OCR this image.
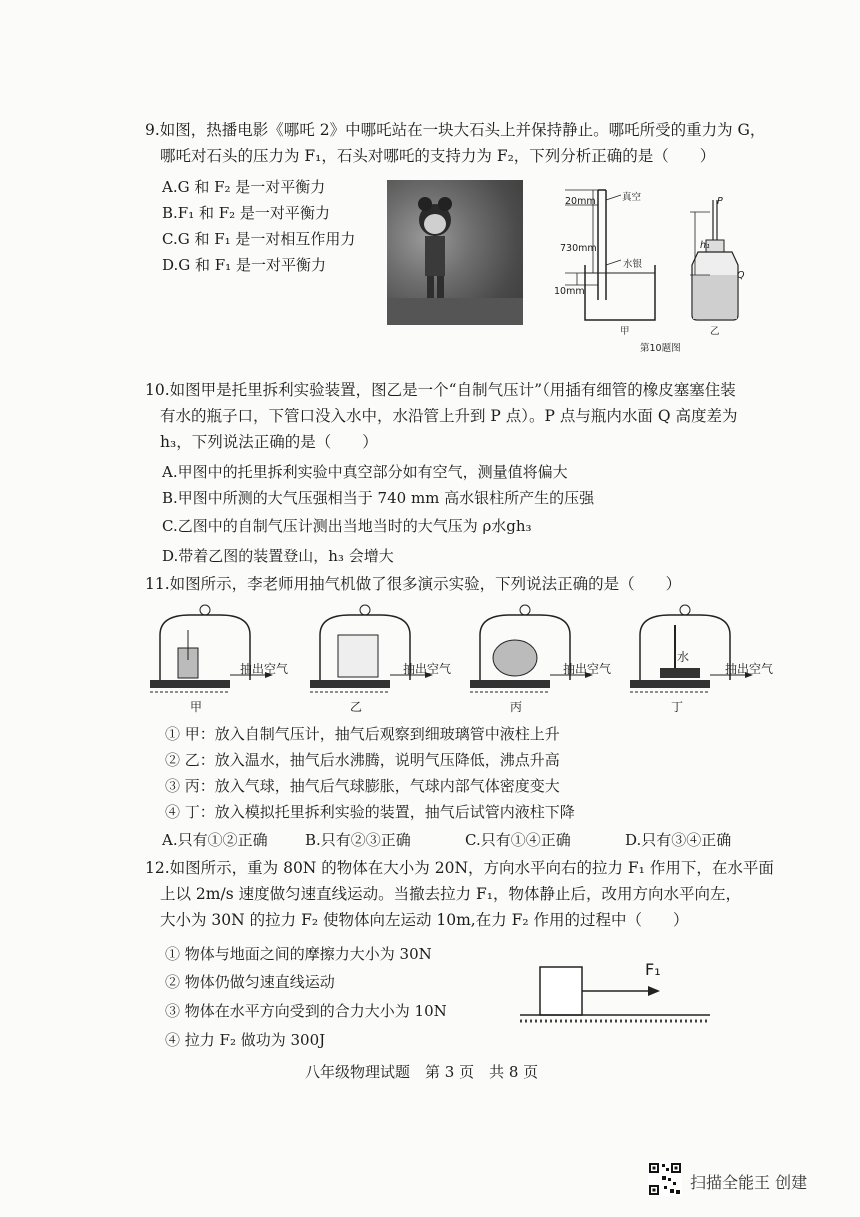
9.如图，热播电影《哪吒 2》中哪吒站在一块大石头上并保持静止。哪吒所受的重力为 G，
哪吒对石头的压力为 F₁，石头对哪吒的支持力为 F₂，下列分析正确的是（　　）
A.G 和 F₂ 是一对平衡力
B.F₁ 和 F₂ 是一对平衡力
C.G 和 F₁ 是一对相互作用力
D.G 和 F₁ 是一对平衡力
20mm	真空
730mm
水银
10mm
甲
P
Q
h₁
乙
第10题图
10.如图甲是托里拆利实验装置，图乙是一个“自制气压计”（用插有细管的橡皮塞塞住装
有水的瓶子口，下管口没入水中，水沿管上升到 P 点）。P 点与瓶内水面 Q 高度差为
h₃，下列说法正确的是（　　）
A.甲图中的托里拆利实验中真空部分如有空气，测量值将偏大
B.甲图中所测的大气压强相当于 740 mm 高水银柱所产生的压强
C.乙图中的自制气压计测出当地当时的大气压为 ρ水gh₃
D.带着乙图的装置登山，h₃ 会增大
11.如图所示，李老师用抽气机做了很多演示实验，下列说法正确的是（　　）
抽出空气	抽出空气	抽出空气
水
抽出空气
甲	乙	丙	丁
① 甲：放入自制气压计，抽气后观察到细玻璃管中液柱上升
② 乙：放入温水，抽气后水沸腾，说明气压降低，沸点升高
③ 丙：放入气球，抽气后气球膨胀，气球内部气体密度变大
④ 丁：放入模拟托里拆利实验的装置，抽气后试管内液柱下降
A.只有①②正确 B.只有②③正确	C.只有①④正确	D.只有③④正确
12.如图所示，重为 80N 的物体在大小为 20N，方向水平向右的拉力 F₁ 作用下，在水平面
上以 2m/s 速度做匀速直线运动。当撤去拉力 F₁，物体静止后，改用方向水平向左，
大小为 30N 的拉力 F₂ 使物体向左运动 10m,在力 F₂ 作用的过程中（　　）
① 物体与地面之间的摩擦力大小为 30N
② 物体仍做匀速直线运动
③ 物体在水平方向受到的合力大小为 10N
④ 拉力 F₂ 做功为 300J
F₁
八年级物理试题　第 3 页　共 8 页
扫描全能王 创建
